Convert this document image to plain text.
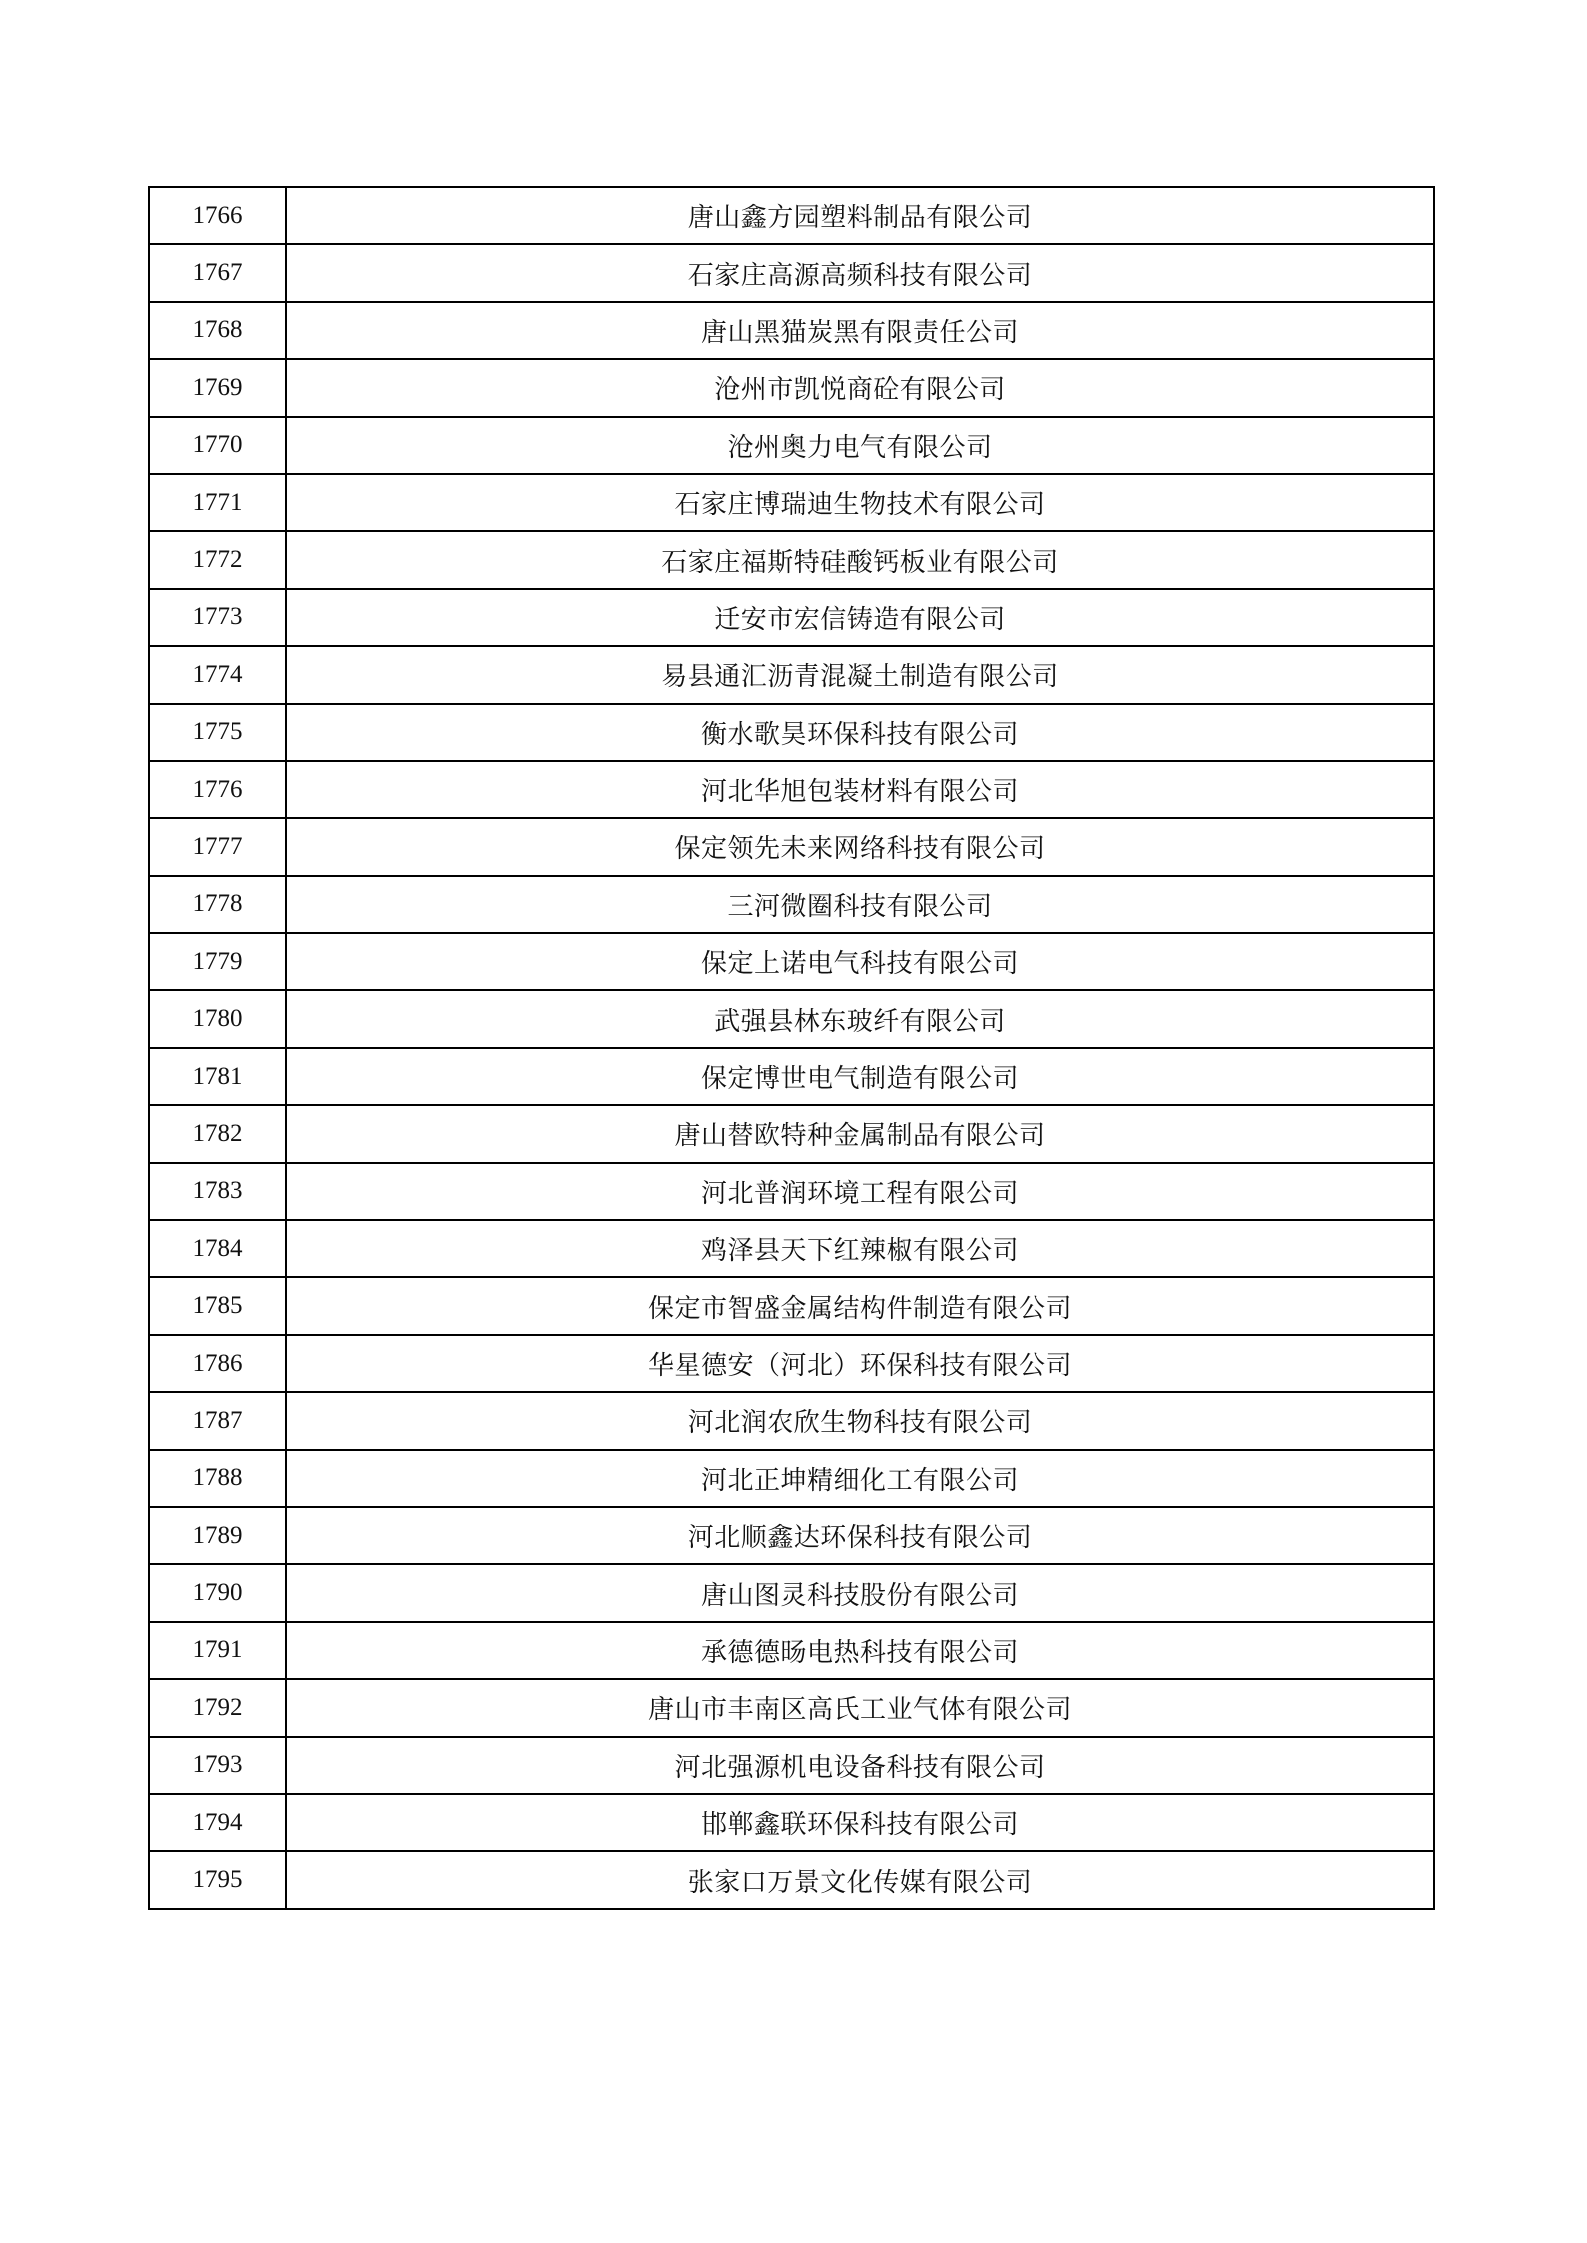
1766	唐山鑫方园塑料制品有限公司
1767	石家庄高源高频科技有限公司
1768	唐山黑猫炭黑有限责任公司
1769	沧州市凯悦商砼有限公司
1770	沧州奥力电气有限公司
1771	石家庄博瑞迪生物技术有限公司
1772	石家庄福斯特硅酸钙板业有限公司
1773	迁安市宏信铸造有限公司
1774	易县通汇沥青混凝土制造有限公司
1775	衡水歌昊环保科技有限公司
1776	河北华旭包装材料有限公司
1777	保定领先未来网络科技有限公司
1778	三河微圈科技有限公司
1779	保定上诺电气科技有限公司
1780	武强县林东玻纤有限公司
1781	保定博世电气制造有限公司
1782	唐山替欧特种金属制品有限公司
1783	河北普润环境工程有限公司
1784	鸡泽县天下红辣椒有限公司
1785	保定市智盛金属结构件制造有限公司
1786	华星德安（河北）环保科技有限公司
1787	河北润农欣生物科技有限公司
1788	河北正坤精细化工有限公司
1789	河北顺鑫达环保科技有限公司
1790	唐山图灵科技股份有限公司
1791	承德德旸电热科技有限公司
1792	唐山市丰南区高氏工业气体有限公司
1793	河北强源机电设备科技有限公司
1794	邯郸鑫联环保科技有限公司
1795	张家口万景文化传媒有限公司
